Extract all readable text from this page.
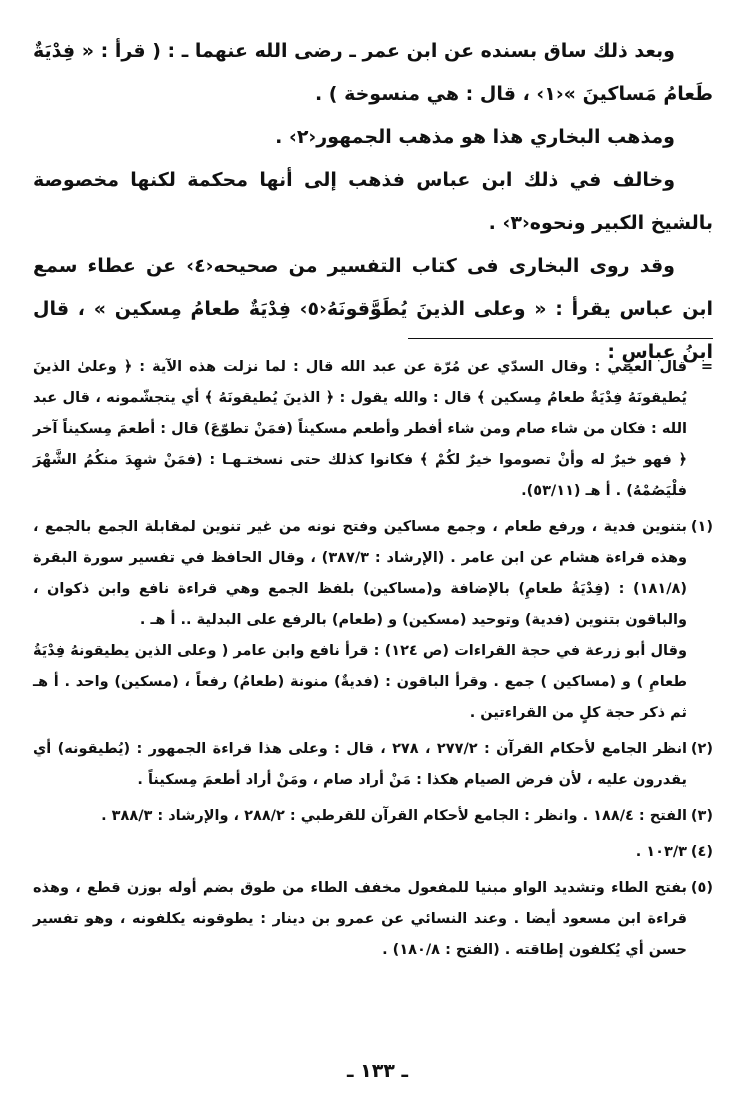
وبعد ذلك ساق بسنده عن ابن عمر ـ رضى الله عنهما ـ : ( قرأ : « فِدْيَةٌ طَعامُ مَساكينَ »‹١› ، قال : هي منسوخة ) .

ومذهب البخاري هذا هو مذهب الجمهور‹٢› .

وخالف في ذلك ابن عباس فذهب إلى أنها محكمة لكنها مخصوصة بالشيخ الكبير ونحوه‹٣› .

وقد روى البخارى فى كتاب التفسير من صحيحه‹٤› عن عطاء سمع ابن عباس يقرأ : « وعلى الذينَ يُطَوَّقونَهُ‹٥› فِدْيَةٌ طعامُ مِسكين » ، قال ابنُ عباسٍ :

=
قال العيني : وقال السدّي عن مُرّة عن عبد الله قال : لما نزلت هذه الآية : ﴿ وعلىٰ الذينَ يُطيقونَهُ فِدْيَةٌ طعامُ مِسكين ﴾ قال : والله يقول : ﴿ الذينَ يُطيقونَهُ ﴾ أي يتجشّمونه ، قال عبد الله : فكان من شاء صام ومن شاء أفطر وأطعم مسكيناً (فمَنْ تطوّعَ) قال : أطعمَ مِسكيناً آخر ﴿ فهو خيرٌ له وأنْ تصوموا خيرٌ لكُمْ ﴾ فكانوا كذلك حتى نسختـهـا : (فمَنْ شهِدَ منكُمُ الشَّهْرَ فلْيَصُمْهُ) . أ هـ (٥٣/١١).
(١)
بتنوين فدية ، ورفع طعام ، وجمع مساكين وفتح نونه من غير تنوين لمقابلة الجمع بالجمع ، وهذه قراءة هشام عن ابن عامر . (الإرشاد : ٣٨٧/٣) ، وقال الحافظ في تفسير سورة البقرة (١٨١/٨) : (فِدْيَةُ طعامِ) بالإضافة و(مساكين) بلفظ الجمع وهي قراءة نافع وابن ذكوان ، والباقون بتنوين (فدية) وتوحيد (مسكين) و (طعام) بالرفع على البدلية .. أ هـ .
وقال أبو زرعة في حجة القراءات (ص ١٢٤) : قرأ نافع وابن عامر ( وعلى الذين يطيقونهُ فِدْيَةُ طعامِ ) و (مساكين ) جمع . وقرأ الباقون : (فديةٌ) منونة (طعامُ) رفعاً ، (مسكين) واحد . أ هـ ثم ذكر حجة كلٍ من القراءتين .
(٢)
انظر الجامع لأحكام القرآن : ٢٧٧/٢ ، ٢٧٨ ، قال : وعلى هذا قراءة الجمهور : (يُطيقونه) أي يقدرون عليه ، لأن فرض الصيام هكذا : مَنْ أراد صام ، ومَنْ أراد أطعمَ مِسكيناً .
(٣)
الفتح : ١٨٨/٤ . وانظر : الجامع لأحكام القرآن للقرطبي : ٢٨٨/٢ ، والإرشاد : ٣٨٨/٣ .
(٤)
١٠٣/٣ .
(٥)
بفتح الطاء وتشديد الواو مبنيا للمفعول مخفف الطاء من طوق بضم أوله بوزن قطع ، وهذه قراءة ابن مسعود أيضا . وعند النسائي عن عمرو بن دينار : يطوقونه يكلفونه ، وهو تفسير حسن أي يُكلفون إطاقته . (الفتح : ١٨٠/٨) .
ـ ١٣٣ ـ
